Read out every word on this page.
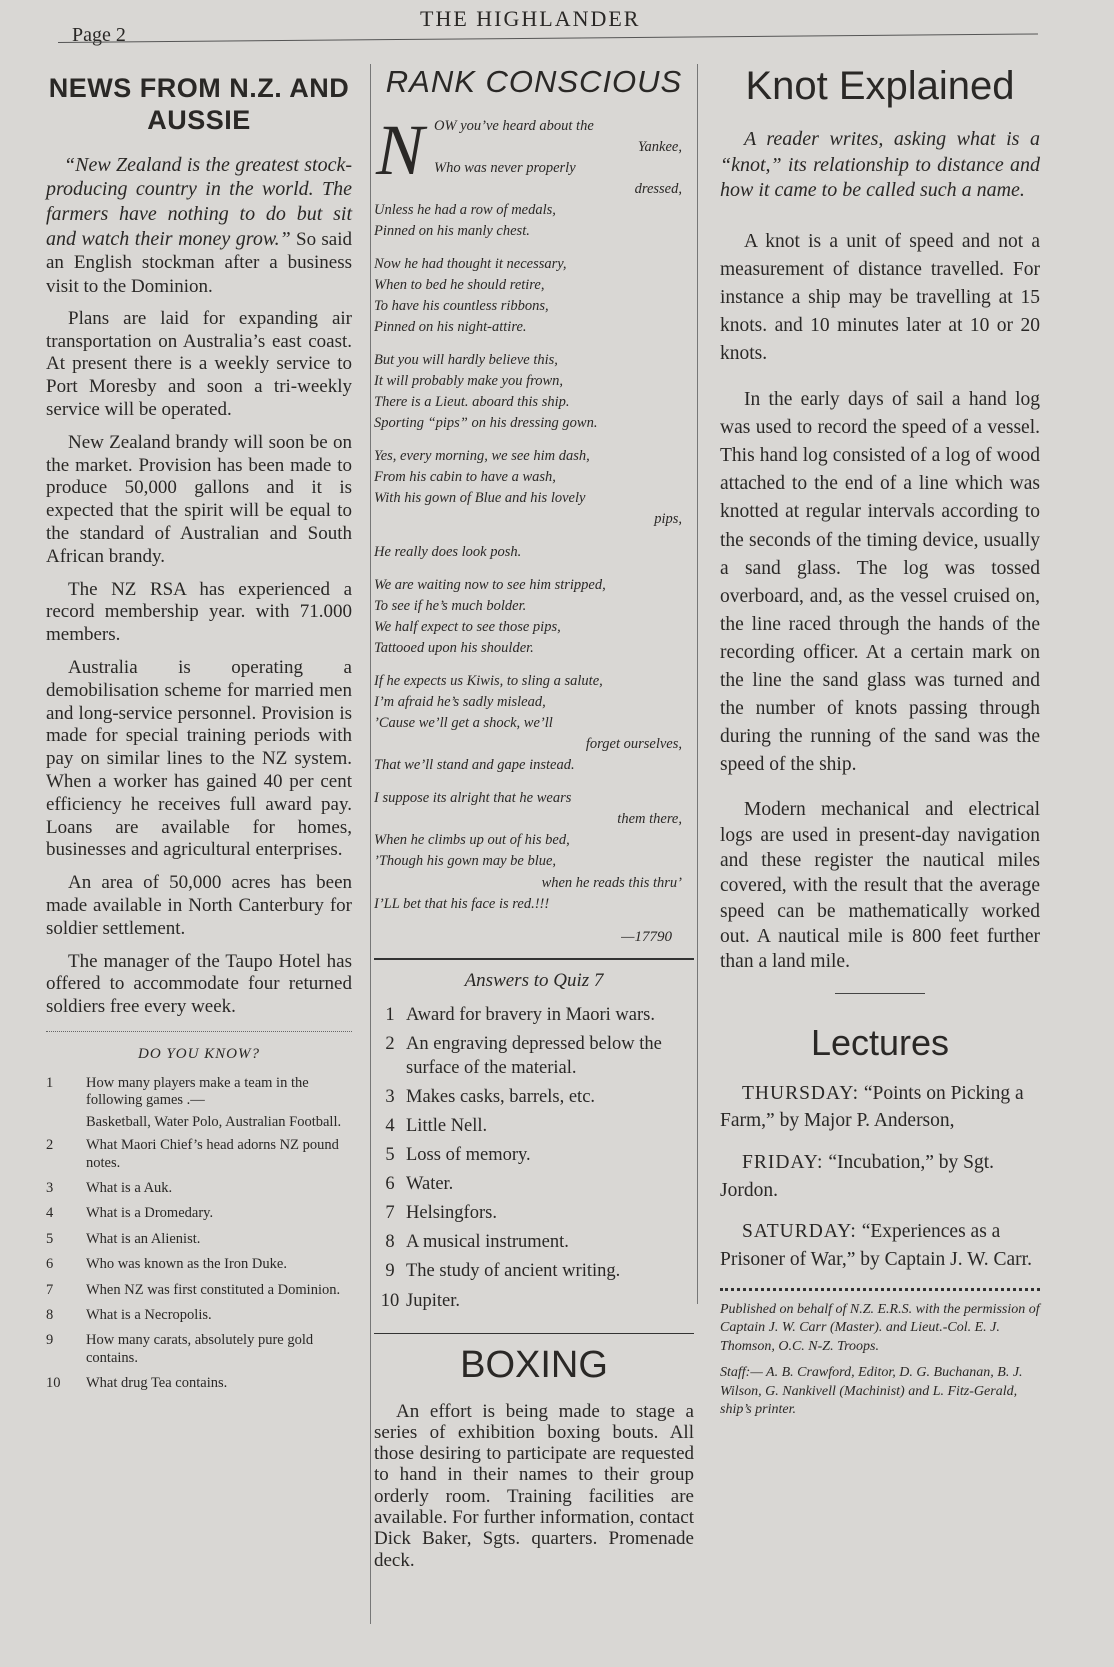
Page 2
THE HIGHLANDER
NEWS FROM N.Z. AND AUSSIE

“New Zealand is the greatest stock-producing country in the world. The farmers have nothing to do but sit and watch their money grow.” So said an English stockman after a business visit to the Dominion.

Plans are laid for expanding air transportation on Australia’s east coast. At present there is a weekly service to Port Moresby and soon a tri-weekly service will be operated.

New Zealand brandy will soon be on the market. Provision has been made to produce 50,000 gallons and it is expected that the spirit will be equal to the standard of Australian and South African brandy.

The NZ RSA has experienced a record membership year. with 71.000 members.

Australia is operating a demobilisation scheme for married men and long-service personnel. Provision is made for special training periods with pay on similar lines to the NZ system. When a worker has gained 40 per cent efficiency he receives full award pay. Loans are available for homes, businesses and agricultural enterprises.

An area of 50,000 acres has been made available in North Canterbury for soldier settlement.

The manager of the Taupo Hotel has offered to accommodate four returned soldiers free every week.

DO YOU KNOW?
1	How many players make a team in the following games .—
Basketball, Water Polo, Australian Football.
2	What Maori Chief’s head adorns NZ pound notes.
3	What is a Auk.
4	What is a Dromedary.
5	What is an Alienist.
6	Who was known as the Iron Duke.
7	When NZ was first constituted a Dominion.
8	What is a Necropolis.
9	How many carats, absolutely pure gold contains.
10	What drug Tea contains.
RANK CONSCIOUS
N OW you’ve heard about the
Yankee,
Who was never properly
dressed,
Unless he had a row of medals,
Pinned on his manly chest.
Now he had thought it necessary,
When to bed he should retire,
To have his countless ribbons,
Pinned on his night-attire.
But you will hardly believe this,
It will probably make you frown,
There is a Lieut. aboard this ship.
Sporting “pips” on his dressing gown.
Yes, every morning, we see him dash,
From his cabin to have a wash,
With his gown of Blue and his lovely
pips,
He really does look posh.
We are waiting now to see him stripped,
To see if he’s much bolder.
We half expect to see those pips,
Tattooed upon his shoulder.
If he expects us Kiwis, to sling a salute,
I’m afraid he’s sadly mislead,
’Cause we’ll get a shock, we’ll
forget ourselves,
That we’ll stand and gape instead.
I suppose its alright that he wears
them there,
When he climbs up out of his bed,
’Though his gown may be blue,
when he reads this thru’
I’LL bet that his face is red.!!!
—17790
Answers to Quiz 7
1 Award for bravery in Maori wars.
2 An engraving depressed below the surface of the material.
3 Makes casks, barrels, etc.
4 Little Nell.
5 Loss of memory.
6 Water.
7 Helsingfors.
8 A musical instrument.
9 The study of ancient writing.
10 Jupiter.
BOXING

An effort is being made to stage a series of exhibition boxing bouts. All those desiring to participate are requested to hand in their names to their group orderly room. Training facilities are available. For further information, contact Dick Baker, Sgts. quarters. Promenade deck.

Knot Explained

A reader writes, asking what is a “knot,” its relationship to distance and how it came to be called such a name.

A knot is a unit of speed and not a measurement of distance travelled. For instance a ship may be travelling at 15 knots. and 10 minutes later at 10 or 20 knots.

In the early days of sail a hand log was used to record the speed of a vessel. This hand log consisted of a log of wood attached to the end of a line which was knotted at regular intervals according to the seconds of the timing device, usually a sand glass. The log was tossed overboard, and, as the vessel cruised on, the line raced through the hands of the recording officer. At a certain mark on the line the sand glass was turned and the number of knots passing through during the running of the sand was the speed of the ship.

Modern mechanical and electrical logs are used in present-day navigation and these register the nautical miles covered, with the result that the average speed can be mathematically worked out. A nautical mile is 800 feet further than a land mile.

Lectures

THURSDAY: “Points on Picking a Farm,” by Major P. Anderson,

FRIDAY: “Incubation,” by Sgt. Jordon.

SATURDAY: “Experiences as a Prisoner of War,” by Captain J. W. Carr.

Published on behalf of N.Z. E.R.S. with the permission of Captain J. W. Carr (Master). and Lieut.-Col. E. J. Thomson, O.C. N-Z. Troops.

Staff:— A. B. Crawford, Editor, D. G. Buchanan, B. J. Wilson, G. Nankivell (Machinist) and L. Fitz-Gerald, ship’s printer.
